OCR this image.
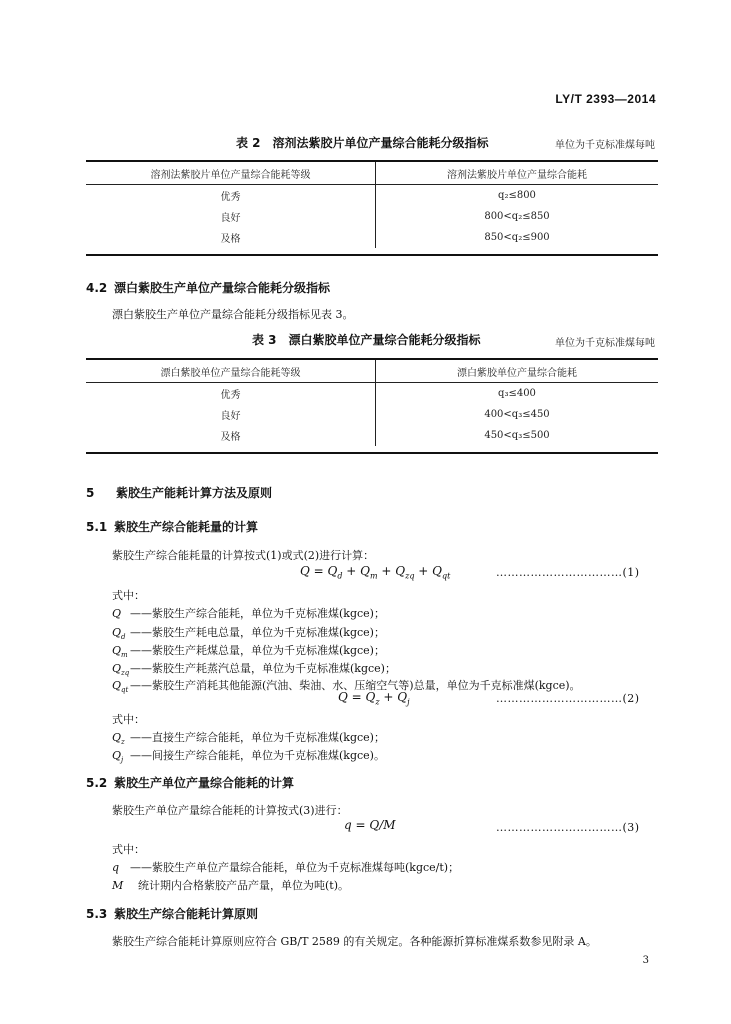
LY/T 2393—2014
表 2　溶剂法紫胶片单位产量综合能耗分级指标	单位为千克标准煤每吨
溶剂法紫胶片单位产量综合能耗等级	溶剂法紫胶片单位产量综合能耗
优秀	q₂≤800
良好	800<q₂≤850
及格	850<q₂≤900
4.2 漂白紫胶生产单位产量综合能耗分级指标
漂白紫胶生产单位产量综合能耗分级指标见表 3。
表 3　漂白紫胶单位产量综合能耗分级指标	单位为千克标准煤每吨
漂白紫胶单位产量综合能耗等级	漂白紫胶单位产量综合能耗
优秀	q₃≤400
良好	400<q₃≤450
及格	450<q₃≤500
5 紫胶生产能耗计算方法及原则
5.1 紫胶生产综合能耗量的计算
紫胶生产综合能耗量的计算按式(1)或式(2)进行计算：
$Q = Q_d + Q_m + Q_{zq} + Q_{qt}$	……………………………(1)
式中：
Q ——紫胶生产综合能耗，单位为千克标准煤(kgce)；
$Q_d$ ——紫胶生产耗电总量，单位为千克标准煤(kgce)；
$Q_m$ ——紫胶生产耗煤总量，单位为千克标准煤(kgce)；
$Q_{zq}——$紫胶生产耗蒸汽总量，单位为千克标准煤(kgce)；
$Q_{qt}$ ——紫胶生产消耗其他能源(汽油、柴油、水、压缩空气等)总量，单位为千克标准煤(kgce)。
$Q = Q_z + Q_j$	……………………………(2)
式中：
$Q_z$ ——直接生产综合能耗，单位为千克标准煤(kgce)；
$Q_j$ ——间接生产综合能耗，单位为千克标准煤(kgce)。
5.2 紫胶生产单位产量综合能耗的计算
紫胶生产单位产量综合能耗的计算按式(3)进行：
q = Q/M	……………………………(3)
式中：
q ——紫胶生产单位产量综合能耗，单位为千克标准煤每吨(kgce/t)；
M 统计期内合格紫胶产品产量，单位为吨(t)。
5.3 紫胶生产综合能耗计算原则
紫胶生产综合能耗计算原则应符合 GB/T 2589 的有关规定。各种能源折算标准煤系数参见附录 A。
3
